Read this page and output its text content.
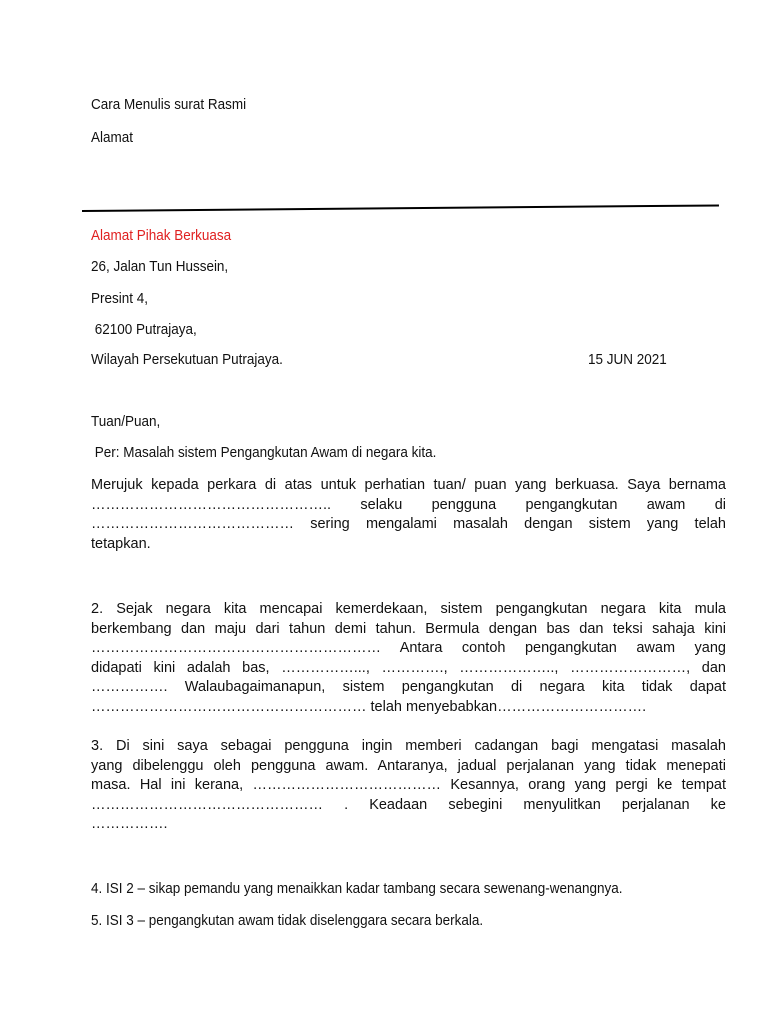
Cara Menulis surat Rasmi
Alamat
Alamat Pihak Berkuasa
26, Jalan Tun Hussein,
Presint 4,
62100 Putrajaya,
Wilayah Persekutuan Putrajaya.	15 JUN 2021
Tuan/Puan,
Per: Masalah sistem Pengangkutan Awam di negara kita.
Merujuk kepada perkara di atas untuk perhatian tuan/ puan yang berkuasa. Saya bernama
………………………………………….. selaku pengguna pengangkutan awam di
…………………………………… sering mengalami masalah dengan sistem yang telah
tetapkan.
2. Sejak negara kita mencapai kemerdekaan, sistem pengangkutan negara kita mula
berkembang dan maju dari tahun demi tahun. Bermula dengan bas dan teksi sahaja kini
…………………………………………………… Antara contoh pengangkutan awam yang
didapati kini adalah bas, ……………..., …………., ……………….., ……………………, dan
……………. Walaubagaimanapun, sistem pengangkutan di negara kita tidak dapat
………………………………………………… telah menyebabkan………………………….
3. Di sini saya sebagai pengguna ingin memberi cadangan bagi mengatasi masalah
yang dibelenggu oleh pengguna awam. Antaranya, jadual perjalanan yang tidak menepati
masa. Hal ini kerana, ………………………………… Kesannya, orang yang pergi ke tempat
………………………………………… . Keadaan sebegini menyulitkan perjalanan ke
…………….
4. ISI 2 – sikap pemandu yang menaikkan kadar tambang secara sewenang-wenangnya.
5. ISI 3 – pengangkutan awam tidak diselenggara secara berkala.
